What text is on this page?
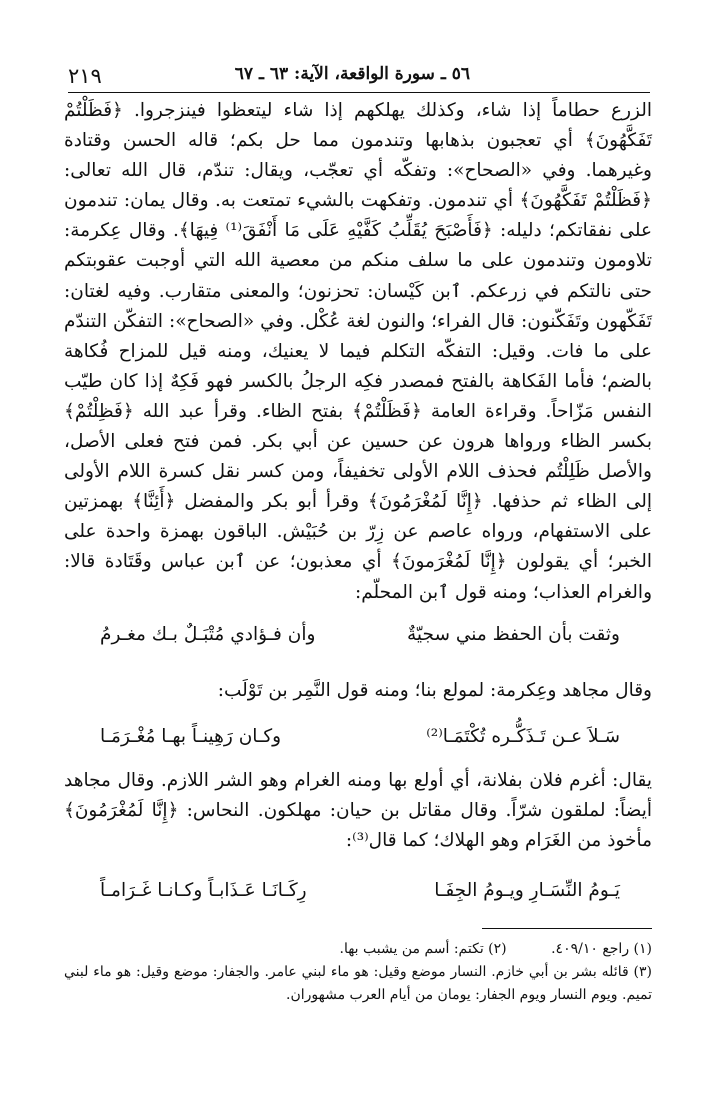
٢١٩	٥٦ ـ سورة الواقعة، الآية: ٦٣ ـ ٦٧

الزرع حطاماً إذا شاء، وكذلك يهلكهم إذا شاء ليتعظوا فينزجروا. ﴿فَظَلْتُمْ تَفَكَّهُونَ﴾ أي تعجبون بذهابها وتندمون مما حل بكم؛ قاله الحسن وقتادة وغيرهما. وفي «الصحاح»: وتفكّه أي تعجّب، ويقال: تندّم، قال الله تعالى: ﴿فَظَلْتُمْ تَفَكَّهُونَ﴾ أي تندمون. وتفكهت بالشيء تمتعت به. وقال يمان: تندمون على نفقاتكم؛ دليله: ﴿فَأَصْبَحَ يُقَلِّبُ كَفَّيْهِ عَلَى مَا أَنْفَقَ⁽¹⁾ فِيهَا﴾. وقال عِكرمة: تلاومون وتندمون على ما سلف منكم من معصية الله التي أوجبت عقوبتكم حتى نالتكم في زرعكم. ٱبن كَيْسان: تحزنون؛ والمعنى متقارب. وفيه لغتان: تَفَكّهون وتَفَكّنون: قال الفراء؛ والنون لغة عُكْل. وفي «الصحاح»: التفكّن التندّم على ما فات. وقيل: التفكّه التكلم فيما لا يعنيك، ومنه قيل للمزاح فُكاهة بالضم؛ فأما الفَكاهة بالفتح فمصدر فكِه الرجلُ بالكسر فهو فَكِهٌ إذا كان طيّب النفس مَزّاحاً. وقراءة العامة ﴿فَظَلْتُمْ﴾ بفتح الظاء. وقرأ عبد الله ﴿فَظِلْتُمْ﴾ بكسر الظاء ورواها هرون عن حسين عن أبي بكر. فمن فتح فعلى الأصل، والأصل ظَلِلْتُم فحذف اللام الأولى تخفيفاً، ومن كسر نقل كسرة اللام الأولى إلى الظاء ثم حذفها. ﴿إِنَّا لَمُغْرَمُونَ﴾ وقرأ أبو بكر والمفضل ﴿أَئِنَّا﴾ بهمزتين على الاستفهام، ورواه عاصم عن زِرّ بن حُبَيْش. الباقون بهمزة واحدة على الخبر؛ أي يقولون ﴿إِنَّا لَمُغْرَمونَ﴾ أي معذبون؛ عن ٱبن عباس وقَتَادة قالا: والغرام العذاب؛ ومنه قول ٱبن المحلّم:

وثقت بأن الحفظ مني سجيّةٌ
وأن فـؤادي مُتْبَـلٌ بـك مغـرمُ

وقال مجاهد وعِكرمة: لمولع بنا؛ ومنه قول النَّمِر بن تَوْلَب:

سَـلاَ عـن تَـذَكُّـره تُكْتَمَـا⁽²⁾
وكـان رَهِينـاً بهـا مُغْـرَمَـا

يقال: أغرم فلان بفلانة، أي أولع بها ومنه الغرام وهو الشر اللازم. وقال مجاهد أيضاً: لملقون شرّاً. وقال مقاتل بن حيان: مهلكون. النحاس: ﴿إِنَّا لَمُغْرَمُونَ﴾ مأخوذ من الغَرَام وهو الهلاك؛ كما قال⁽³⁾:

يَـومُ النِّسَـارِ ويـومُ الجِفَـا
رِكَـانَـا عَـذَابـاً وكـانـا غَـرَامـاً

(١) راجع ٤٠٩/١٠. (٢) تكتم: أسم من يشبب بها.

(٣) قائله بشر بن أبي خازم. النسار موضع وقيل: هو ماء لبني عامر. والجفار: موضع وقيل: هو ماء لبني تميم. ويوم النسار ويوم الجفار: يومان من أيام العرب مشهوران.
